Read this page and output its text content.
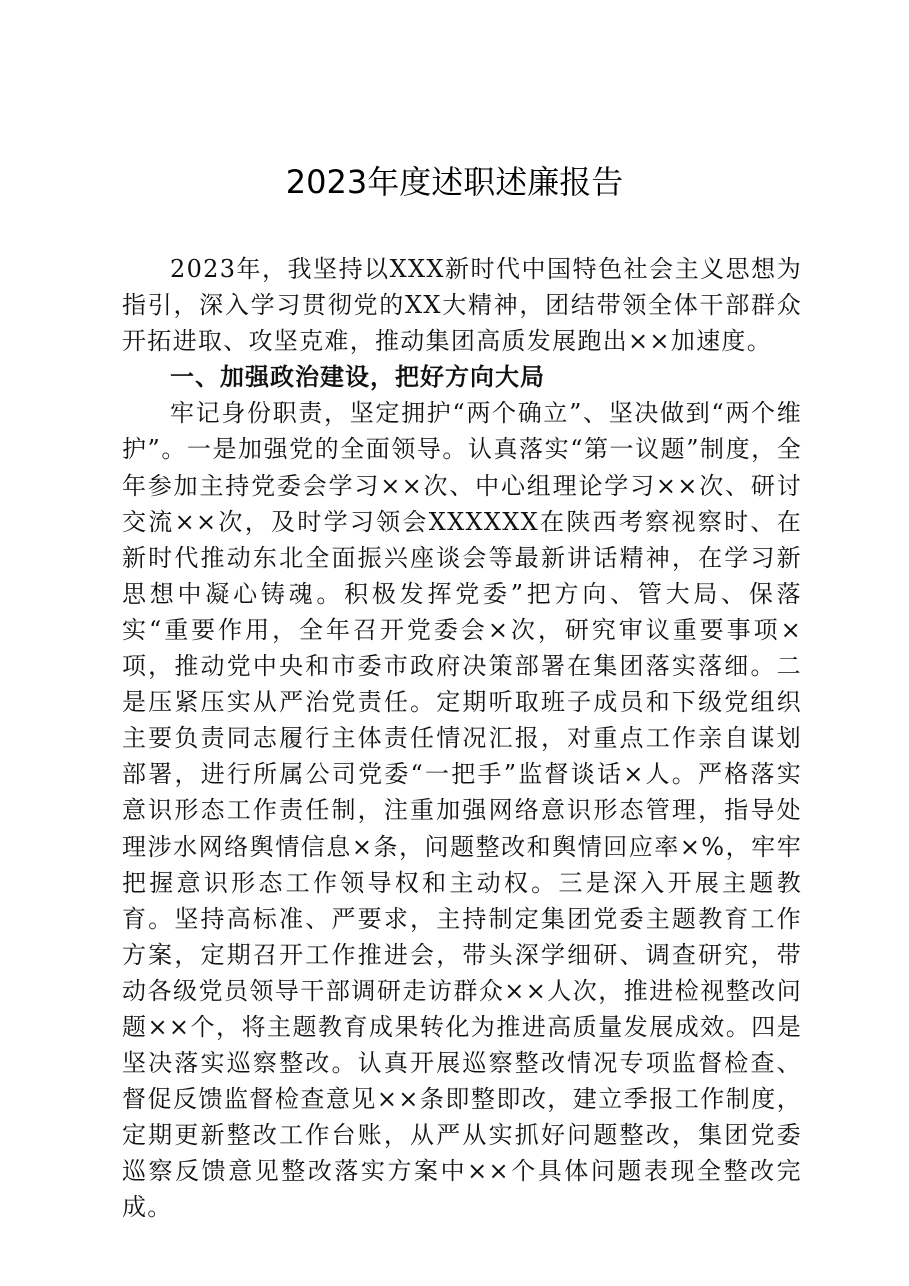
2023年度述职述廉报告

2023年，我坚持以XXX新时代中国特色社会主义思想为指引，深入学习贯彻党的XX大精神，团结带领全体干部群众开拓进取、攻坚克难，推动集团高质发展跑出××加速度。

一、加强政治建设，把好方向大局

牢记身份职责，坚定拥护“两个确立”、坚决做到“两个维护”。一是加强党的全面领导。认真落实“第一议题”制度，全年参加主持党委会学习××次、中心组理论学习××次、研讨交流××次，及时学习领会XXXXXX在陕西考察视察时、在新时代推动东北全面振兴座谈会等最新讲话精神，在学习新思想中凝心铸魂。积极发挥党委”把方向、管大局、保落实“重要作用，全年召开党委会×次，研究审议重要事项×项，推动党中央和市委市政府决策部署在集团落实落细。二是压紧压实从严治党责任。定期听取班子成员和下级党组织主要负责同志履行主体责任情况汇报，对重点工作亲自谋划部署，进行所属公司党委“一把手”监督谈话×人。严格落实意识形态工作责任制，注重加强网络意识形态管理，指导处理涉水网络舆情信息×条，问题整改和舆情回应率×%，牢牢把握意识形态工作领导权和主动权。三是深入开展主题教育。坚持高标准、严要求，主持制定集团党委主题教育工作方案，定期召开工作推进会，带头深学细研、调查研究，带动各级党员领导干部调研走访群众××人次，推进检视整改问题××个，将主题教育成果转化为推进高质量发展成效。四是坚决落实巡察整改。认真开展巡察整改情况专项监督检查、督促反馈监督检查意见××条即整即改，建立季报工作制度，定期更新整改工作台账，从严从实抓好问题整改，集团党委巡察反馈意见整改落实方案中××个具体问题表现全整改完成。
